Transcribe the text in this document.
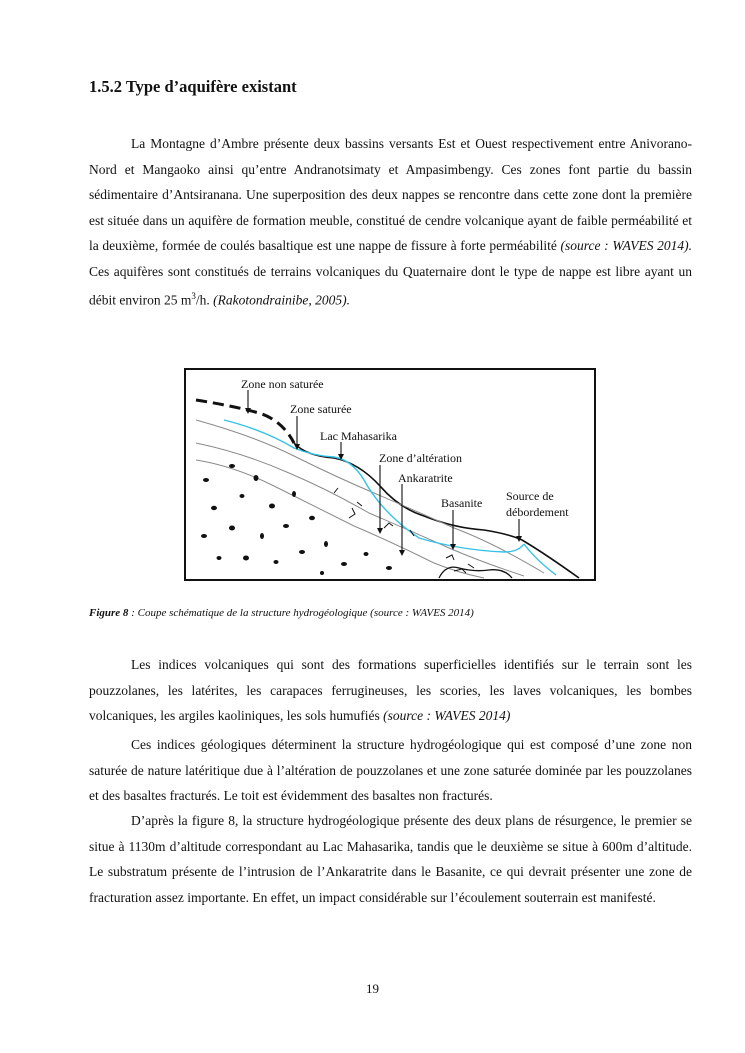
1.5.2 Type d’aquifère existant

La Montagne d’Ambre présente deux bassins versants Est et Ouest respectivement entre Anivorano-Nord et Mangaoko ainsi qu’entre Andranotsimaty et Ampasimbengy. Ces zones font partie du bassin sédimentaire d’Antsiranana. Une superposition des deux nappes se rencontre dans cette zone dont la première est située dans un aquifère de formation meuble, constitué de cendre volcanique ayant de faible perméabilité et la deuxième, formée de coulés basaltique est une nappe de fissure à forte perméabilité (source : WAVES 2014). Ces aquifères sont constitués de terrains volcaniques du Quaternaire dont le type de nappe est libre ayant un débit environ 25 $m^3/h$. (Rakotondrainibe, 2005).

Zone non saturée
Zone saturée
Lac Mahasarika
Zone d’altération
Ankaratrite
Basanite Source de
débordement

Figure 8 : Coupe schématique de la structure hydrogéologique (source : WAVES 2014)

Les indices volcaniques qui sont des formations superficielles identifiés sur le terrain sont les pouzzolanes, les latérites, les carapaces ferrugineuses, les scories, les laves volcaniques, les bombes volcaniques, les argiles kaoliniques, les sols humufiés (source : WAVES 2014)

Ces indices géologiques déterminent la structure hydrogéologique qui est composé d’une zone non saturée de nature latéritique due à l’altération de pouzzolanes et une zone saturée dominée par les pouzzolanes et des basaltes fracturés. Le toit est évidemment des basaltes non fracturés.

D’après la figure 8, la structure hydrogéologique présente des deux plans de résurgence, le premier se situe à 1130m d’altitude correspondant au Lac Mahasarika, tandis que le deuxième se situe à 600m d’altitude. Le substratum présente de l’intrusion de l’Ankaratrite dans le Basanite, ce qui devrait présenter une zone de fracturation assez importante. En effet, un impact considérable sur l’écoulement souterrain est manifesté.

19
